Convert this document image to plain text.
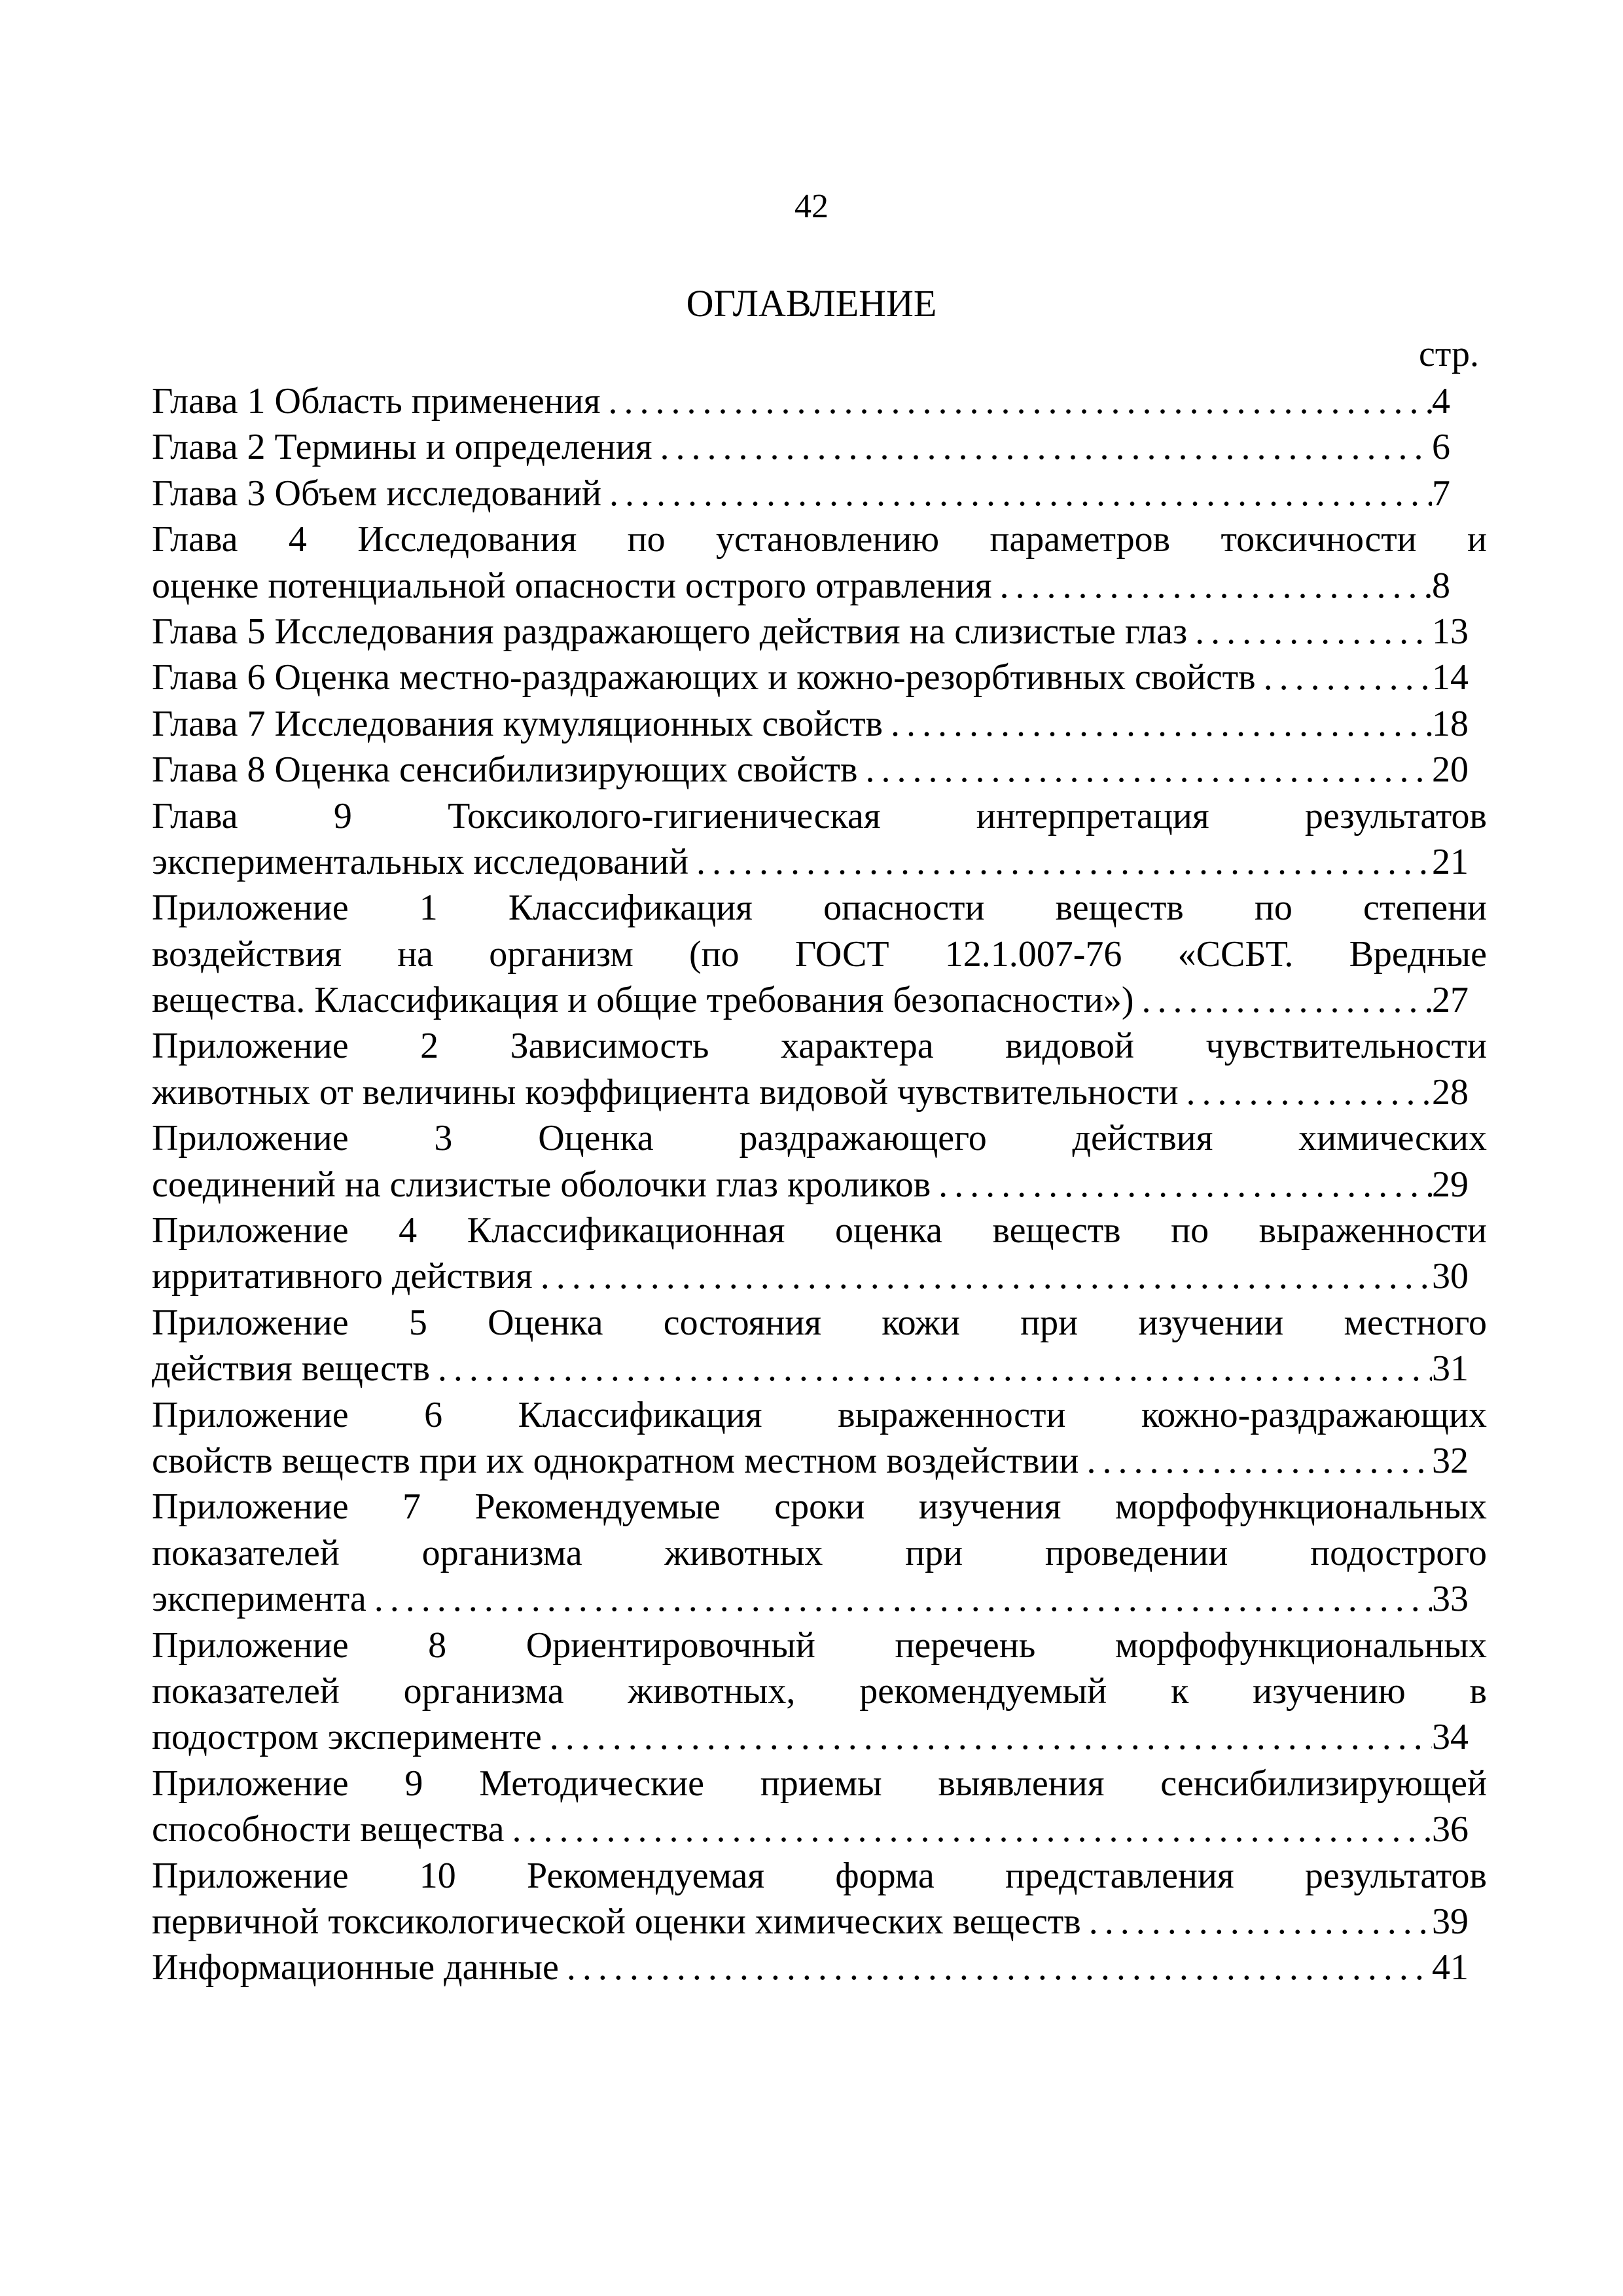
42
ОГЛАВЛЕНИЕ
стр.
Глава 1 Область применения . . .	4
Глава 2 Термины и определения . . .	6
Глава 3 Объем исследований . . .	7
Глава 4 Исследования по установлению параметров токсичности и
оценке потенциальной опасности острого отравления . . .	8
Глава 5 Исследования раздражающего действия на слизистые глаз . . .	13
Глава 6 Оценка местно-раздражающих и кожно-резорбтивных свойств . . .	14
Глава 7 Исследования кумуляционных свойств . . .	18
Глава 8 Оценка сенсибилизирующих свойств . . .	20
Глава 9 Токсиколого-гигиеническая интерпретация результатов
экспериментальных исследований . . .	21
Приложение 1 Классификация опасности веществ по степени
воздействия на организм (по ГОСТ 12.1.007-76 «ССБТ. Вредные
вещества. Классификация и общие требования безопасности») . . .	27
Приложение 2 Зависимость характера видовой чувствительности
животных от величины коэффициента видовой чувствительности . . .	28
Приложение 3 Оценка раздражающего действия химических
соединений на слизистые оболочки глаз кроликов . . .	29
Приложение 4 Классификационная оценка веществ по выраженности
ирритативного действия . . .	30
Приложение 5 Оценка состояния кожи при изучении местного
действия веществ . . .	31
Приложение 6 Классификация выраженности кожно-раздражающих
свойств веществ при их однократном местном воздействии . . .	32
Приложение 7 Рекомендуемые сроки изучения морфофункциональных
показателей организма животных при проведении подострого
эксперимента . . .	33
Приложение 8 Ориентировочный перечень морфофункциональных
показателей организма животных, рекомендуемый к изучению в
подостром эксперименте . . .	34
Приложение 9 Методические приемы выявления сенсибилизирующей
способности вещества . . .	36
Приложение 10 Рекомендуемая форма представления результатов
первичной токсикологической оценки химических веществ . . .	39
Информационные данные . . .	41
